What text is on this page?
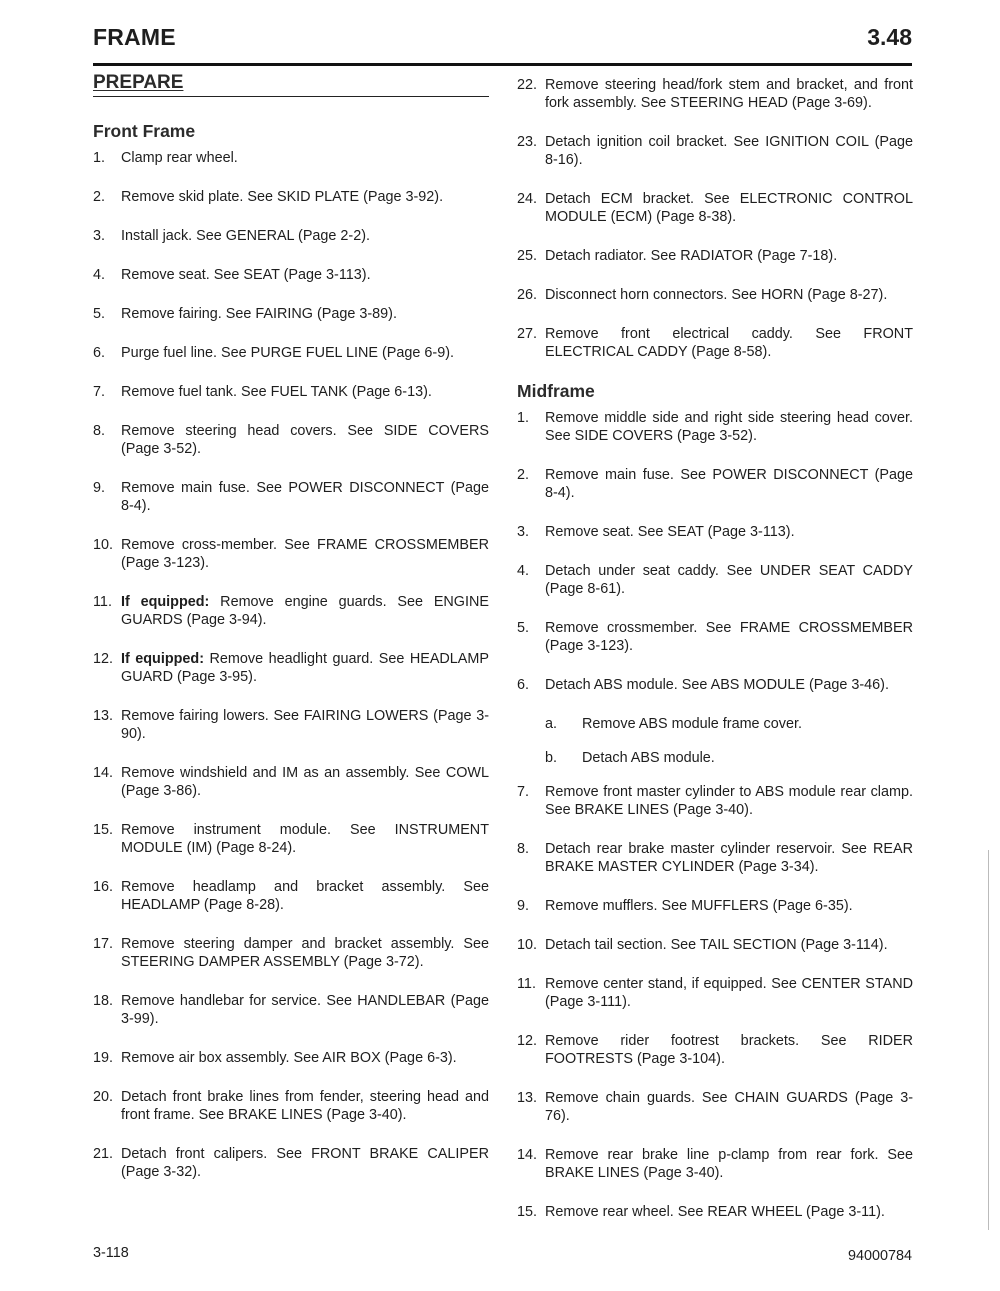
FRAME	3.48
PREPARE
Front Frame
1.	Clamp rear wheel.
2.	Remove skid plate. See SKID PLATE (Page 3-92).
3.	Install jack. See GENERAL (Page 2-2).
4.	Remove seat. See SEAT (Page 3-113).
5.	Remove fairing. See FAIRING (Page 3-89).
6.	Purge fuel line. See PURGE FUEL LINE (Page 6-9).
7.	Remove fuel tank. See FUEL TANK (Page 6-13).
8.	Remove steering head covers. See SIDE COVERS (Page 3-52).
9.	Remove main fuse. See POWER DISCONNECT (Page 8-4).
10. Remove cross-member. See FRAME CROSSMEMBER (Page 3-123).
11. If equipped: Remove engine guards. See ENGINE GUARDS (Page 3-94).
12. If equipped: Remove headlight guard. See HEADLAMP GUARD (Page 3-95).
13. Remove fairing lowers. See FAIRING LOWERS (Page 3-90).
14. Remove windshield and IM as an assembly. See COWL (Page 3-86).
15. Remove instrument module. See INSTRUMENT MODULE (IM) (Page 8-24).
16. Remove headlamp and bracket assembly. See HEADLAMP (Page 8-28).
17. Remove steering damper and bracket assembly. See STEERING DAMPER ASSEMBLY (Page 3-72).
18. Remove handlebar for service. See HANDLEBAR (Page 3-99).
19. Remove air box assembly. See AIR BOX (Page 6-3).
20. Detach front brake lines from fender, steering head and front frame. See BRAKE LINES (Page 3-40).
21. Detach front calipers. See FRONT BRAKE CALIPER (Page 3-32).
22. Remove steering head/fork stem and bracket, and front fork assembly. See STEERING HEAD (Page 3-69).
23. Detach ignition coil bracket. See IGNITION COIL (Page 8-16).
24. Detach ECM bracket. See ELECTRONIC CONTROL MODULE (ECM) (Page 8-38).
25. Detach radiator. See RADIATOR (Page 7-18).
26. Disconnect horn connectors. See HORN (Page 8-27).
27. Remove front electrical caddy. See FRONT ELECTRICAL CADDY (Page 8-58).
Midframe
1.	Remove middle side and right side steering head cover. See SIDE COVERS (Page 3-52).
2.	Remove main fuse. See POWER DISCONNECT (Page 8-4).
3.	Remove seat. See SEAT (Page 3-113).
4.	Detach under seat caddy. See UNDER SEAT CADDY (Page 8-61).
5.	Remove crossmember. See FRAME CROSSMEMBER (Page 3-123).
6.	Detach ABS module. See ABS MODULE (Page 3-46).
a.	Remove ABS module frame cover.
b.	Detach ABS module.
7.	Remove front master cylinder to ABS module rear clamp. See BRAKE LINES (Page 3-40).
8.	Detach rear brake master cylinder reservoir. See REAR BRAKE MASTER CYLINDER (Page 3-34).
9.	Remove mufflers. See MUFFLERS (Page 6-35).
10. Detach tail section. See TAIL SECTION (Page 3-114).
11. Remove center stand, if equipped. See CENTER STAND (Page 3-111).
12. Remove rider footrest brackets. See RIDER FOOTRESTS (Page 3-104).
13. Remove chain guards. See CHAIN GUARDS (Page 3-76).
14. Remove rear brake line p-clamp from rear fork. See BRAKE LINES (Page 3-40).
15. Remove rear wheel. See REAR WHEEL (Page 3-11).
3-118	94000784
